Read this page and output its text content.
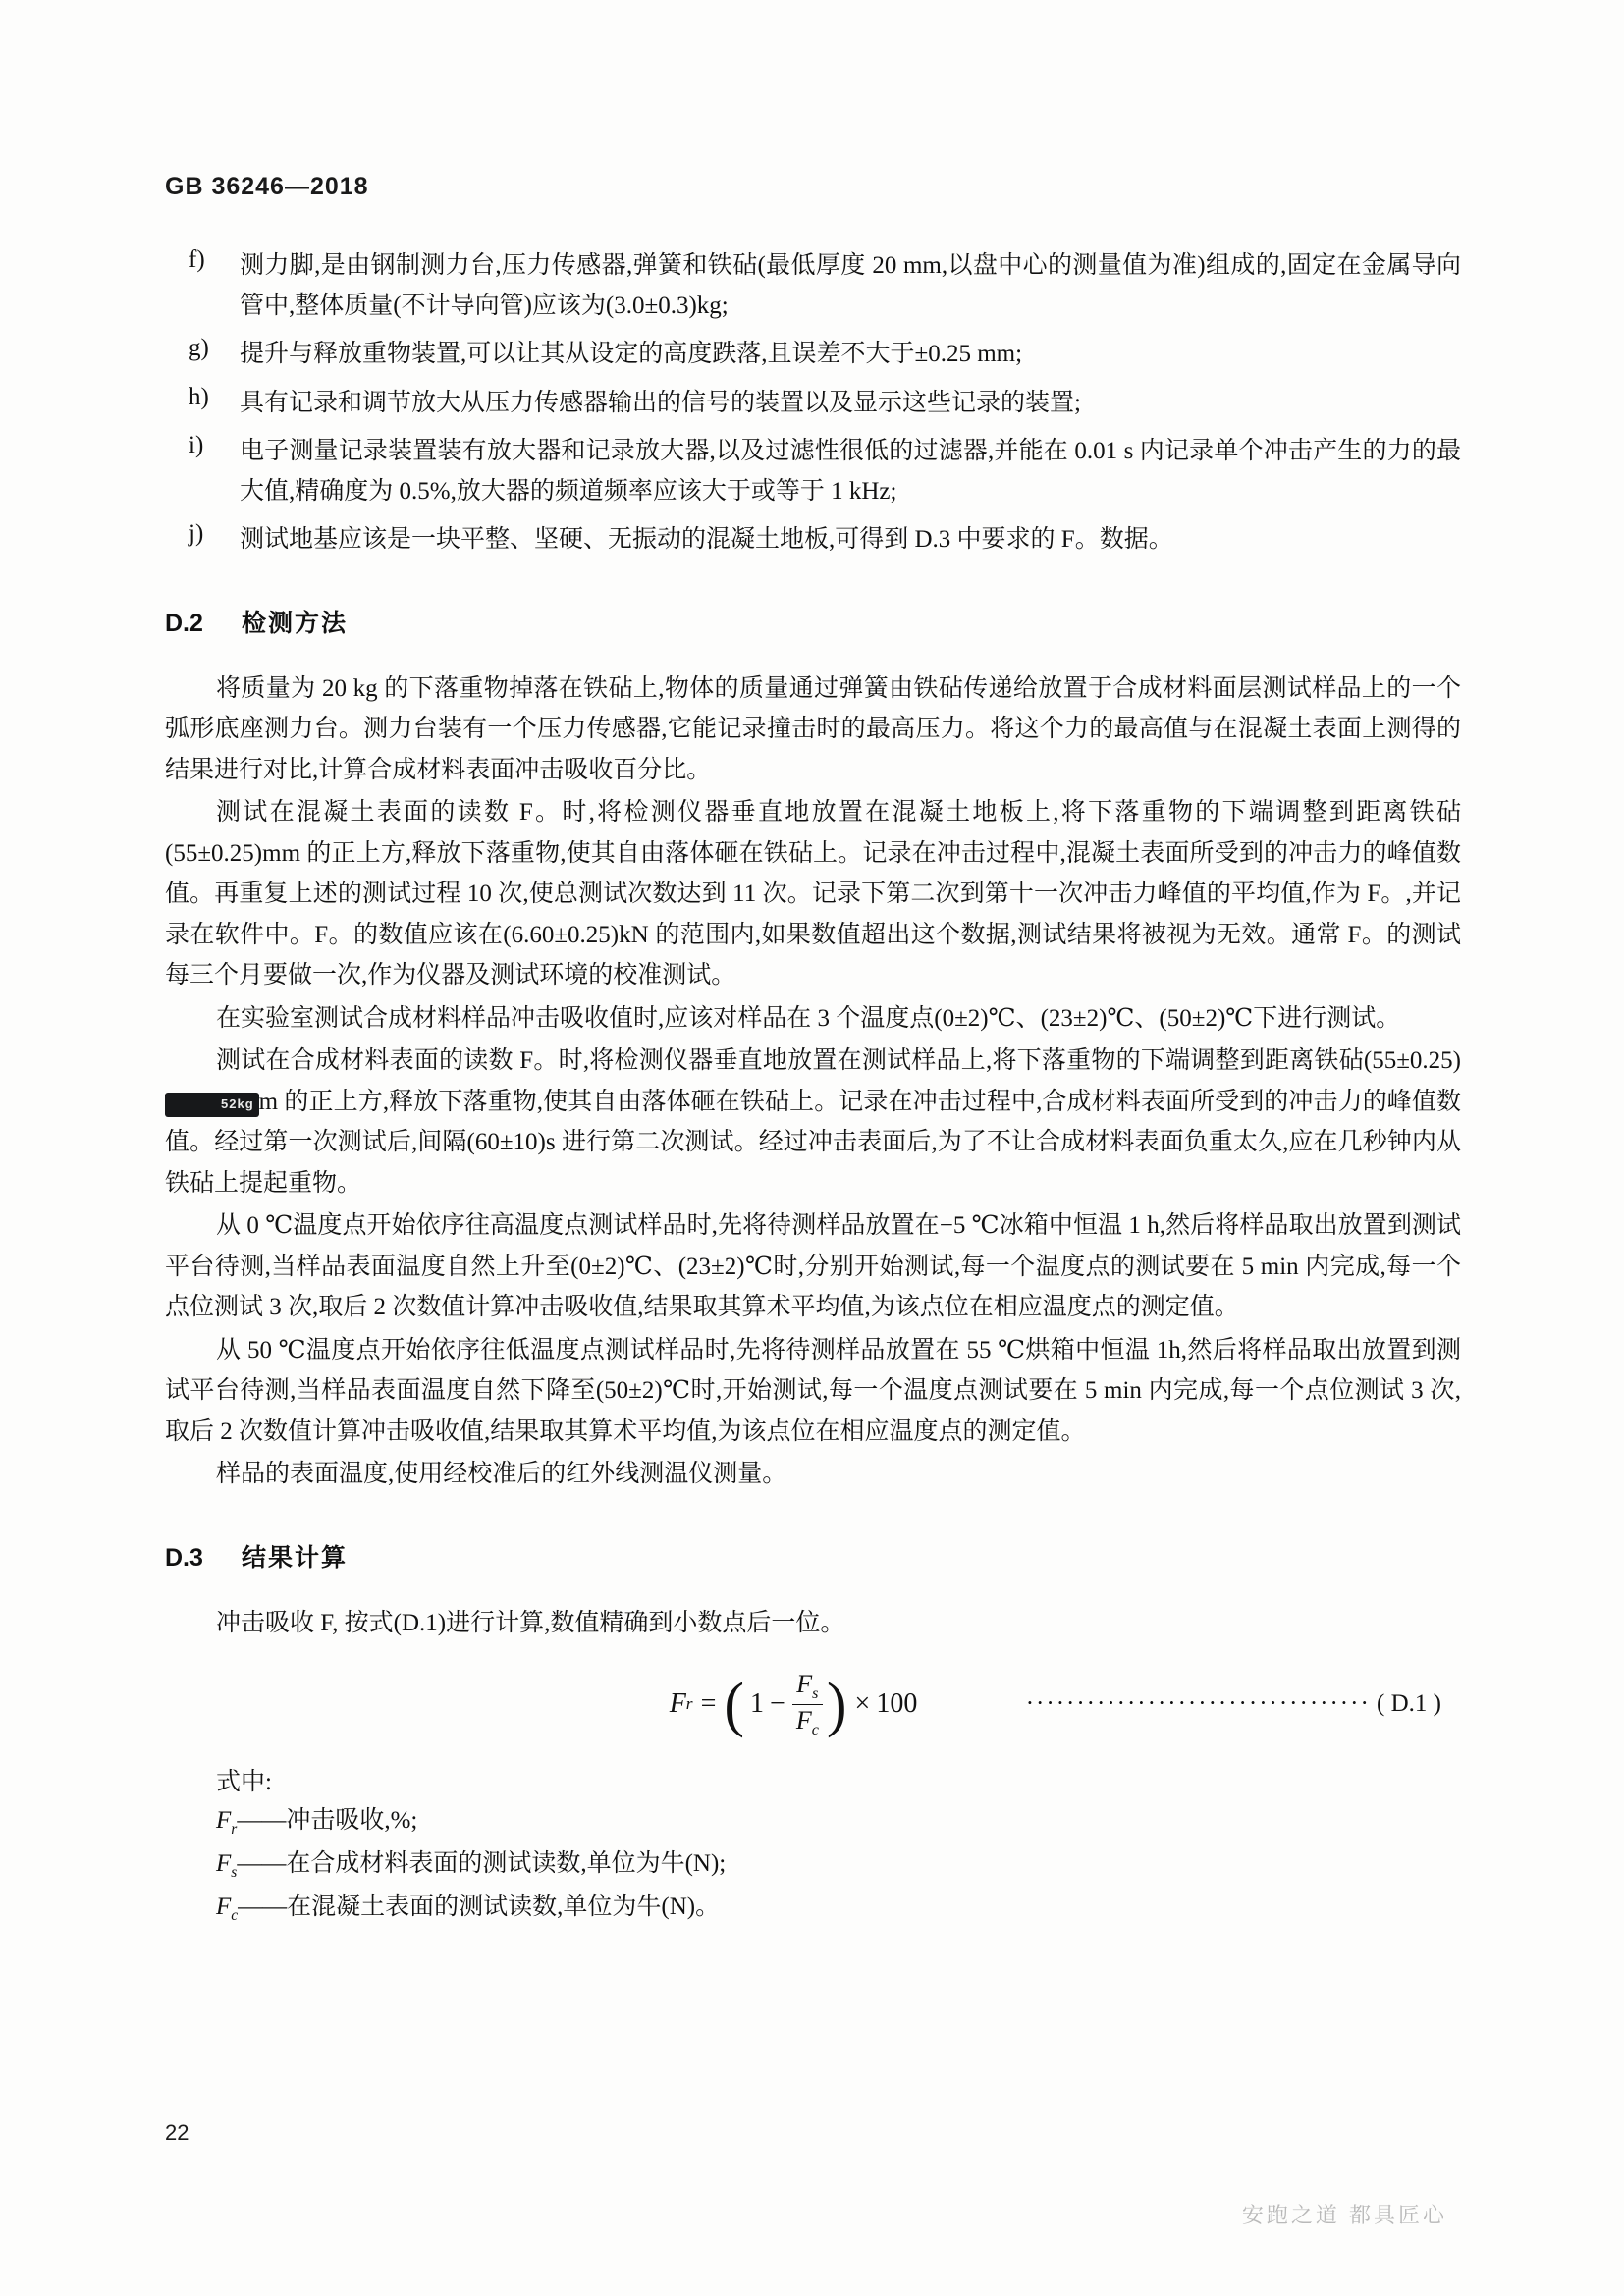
GB 36246—2018
f)	测力脚,是由钢制测力台,压力传感器,弹簧和铁砧(最低厚度 20 mm,以盘中心的测量值为准)组成的,固定在金属导向管中,整体质量(不计导向管)应该为(3.0±0.3)kg;
g)	提升与释放重物装置,可以让其从设定的高度跌落,且误差不大于±0.25 mm;
h)	具有记录和调节放大从压力传感器输出的信号的装置以及显示这些记录的装置;
i)	电子测量记录装置装有放大器和记录放大器,以及过滤性很低的过滤器,并能在 0.01 s 内记录单个冲击产生的力的最大值,精确度为 0.5%,放大器的频道频率应该大于或等于 1 kHz;
j)	测试地基应该是一块平整、坚硬、无振动的混凝土地板,可得到 D.3 中要求的 F。数据。
D.2	检测方法

将质量为 20 kg 的下落重物掉落在铁砧上,物体的质量通过弹簧由铁砧传递给放置于合成材料面层测试样品上的一个弧形底座测力台。测力台装有一个压力传感器,它能记录撞击时的最高压力。将这个力的最高值与在混凝土表面上测得的结果进行对比,计算合成材料表面冲击吸收百分比。

测试在混凝土表面的读数 F。时,将检测仪器垂直地放置在混凝土地板上,将下落重物的下端调整到距离铁砧(55±0.25)mm 的正上方,释放下落重物,使其自由落体砸在铁砧上。记录在冲击过程中,混凝土表面所受到的冲击力的峰值数值。再重复上述的测试过程 10 次,使总测试次数达到 11 次。记录下第二次到第十一次冲击力峰值的平均值,作为 F。,并记录在软件中。F。的数值应该在(6.60±0.25)kN 的范围内,如果数值超出这个数据,测试结果将被视为无效。通常 F。的测试每三个月要做一次,作为仪器及测试环境的校准测试。

在实验室测试合成材料样品冲击吸收值时,应该对样品在 3 个温度点(0±2)℃、(23±2)℃、(50±2)℃下进行测试。

测试在合成材料表面的读数 F。时,将检测仪器垂直地放置在测试样品上,将下落重物的下端调整到距离铁砧(55±0.25)52kg m 的正上方,释放下落重物,使其自由落体砸在铁砧上。记录在冲击过程中,合成材料表面所受到的冲击力的峰值数值。经过第一次测试后,间隔(60±10)s 进行第二次测试。经过冲击表面后,为了不让合成材料表面负重太久,应在几秒钟内从铁砧上提起重物。

从 0 ℃温度点开始依序往高温度点测试样品时,先将待测样品放置在−5 ℃冰箱中恒温 1 h,然后将样品取出放置到测试平台待测,当样品表面温度自然上升至(0±2)℃、(23±2)℃时,分别开始测试,每一个温度点的测试要在 5 min 内完成,每一个点位测试 3 次,取后 2 次数值计算冲击吸收值,结果取其算术平均值,为该点位在相应温度点的测定值。

从 50 ℃温度点开始依序往低温度点测试样品时,先将待测样品放置在 55 ℃烘箱中恒温 1h,然后将样品取出放置到测试平台待测,当样品表面温度自然下降至(50±2)℃时,开始测试,每一个温度点测试要在 5 min 内完成,每一个点位测试 3 次,取后 2 次数值计算冲击吸收值,结果取其算术平均值,为该点位在相应温度点的测定值。

样品的表面温度,使用经校准后的红外线测温仪测量。

D.3	结果计算

冲击吸收 F, 按式(D.1)进行计算,数值精确到小数点后一位。

F r = ( $1 - \frac{F_s}{F_c}$ ) × 100	·································· ( D.1 )
式中:
$F_r——$冲击吸收,%;
$F_s——$在合成材料表面的测试读数,单位为牛(N);
$F_c——$在混凝土表面的测试读数,单位为牛(N)。
22
安跑之道 都具匠心
